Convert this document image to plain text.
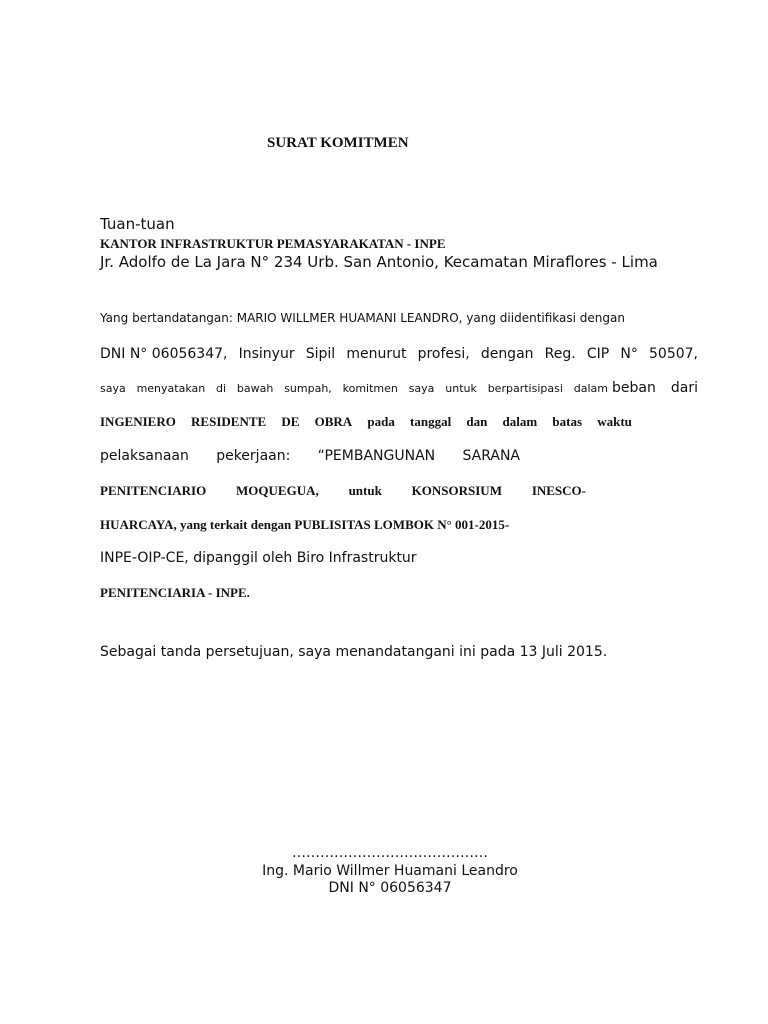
SURAT KOMITMEN
Tuan-tuan
KANTOR INFRASTRUKTUR PEMASYARAKATAN - INPE
Jr. Adolfo de La Jara N° 234 Urb. San Antonio, Kecamatan Miraflores - Lima
Yang bertandatangan: MARIO WILLMER HUAMANI LEANDRO, yang diidentifikasi dengan
DNI N° 06056347, Insinyur Sipil menurut profesi, dengan Reg. CIP N° 50507,
saya menyatakan di bawah sumpah, komitmen saya untuk berpartisipasi dalam beban dari
INGENIERO RESIDENTE DE OBRA pada tanggal dan dalam batas waktu
pelaksanaan pekerjaan: “PEMBANGUNAN SARANA
PENITENCIARIO MOQUEGUA, untuk KONSORSIUM INESCO-
HUARCAYA, yang terkait dengan PUBLISITAS LOMBOK N° 001-2015-
INPE-OIP-CE, dipanggil oleh Biro Infrastruktur
PENITENCIARIA - INPE.
Sebagai tanda persetujuan, saya menandatangani ini pada 13 Juli 2015.
……………………………………
Ing. Mario Willmer Huamani Leandro
DNI N° 06056347
